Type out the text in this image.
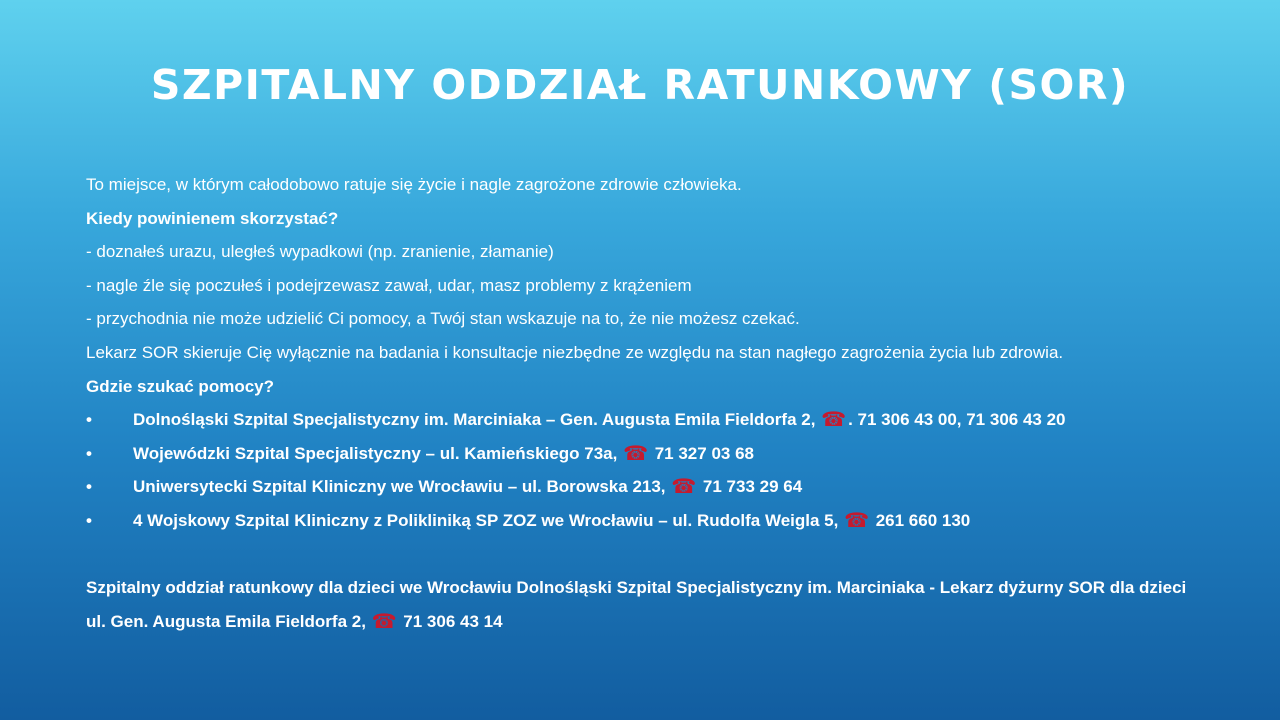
SZPITALNY ODDZIAŁ RATUNKOWY (SOR)
To miejsce, w którym całodobowo ratuje się życie i nagle zagrożone zdrowie człowieka.
Kiedy powinienem skorzystać?
- doznałeś urazu, uległeś wypadkowi (np. zranienie, złamanie)
- nagle źle się poczułeś i podejrzewasz zawał, udar, masz problemy z krążeniem
- przychodnia nie może udzielić Ci pomocy, a Twój stan wskazuje na to, że nie możesz czekać.
Lekarz SOR skieruje Cię wyłącznie na badania i konsultacje niezbędne ze względu na stan nagłego zagrożenia życia lub zdrowia.
Gdzie szukać pomocy?
•	Dolnośląski Szpital Specjalistyczny im. Marciniaka – Gen. Augusta Emila Fieldorfa 2, ☎ . 71 306 43 00, 71 306 43 20
•	Wojewódzki Szpital Specjalistyczny – ul. Kamieńskiego 73a, ☎ 71 327 03 68
•	Uniwersytecki Szpital Kliniczny we Wrocławiu – ul. Borowska 213, ☎ 71 733 29 64
•	4 Wojskowy Szpital Kliniczny z Polikliniką SP ZOZ we Wrocławiu – ul. Rudolfa Weigla 5, ☎ 261 660 130
Szpitalny oddział ratunkowy dla dzieci we Wrocławiu Dolnośląski Szpital Specjalistyczny im. Marciniaka - Lekarz dyżurny SOR dla dzieci ul. Gen. Augusta Emila Fieldorfa 2, ☎ 71 306 43 14
